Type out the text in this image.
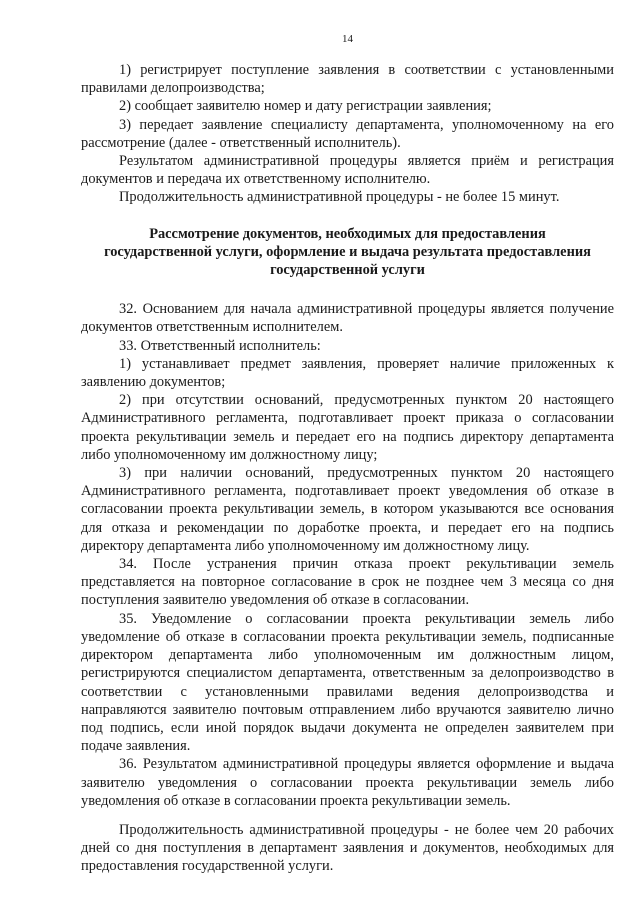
14

1) регистрирует поступление заявления в соответствии с установленными правилами делопроизводства;

2) сообщает заявителю номер и дату регистрации заявления;

3) передает заявление специалисту департамента, уполномоченному на его рассмотрение (далее - ответственный исполнитель).

Результатом административной процедуры является приём и регистрация документов и передача их ответственному исполнителю.

Продолжительность административной процедуры - не более 15 минут.

Рассмотрение документов, необходимых для предоставления
государственной услуги, оформление и выдача результата предоставления
государственной услуги

32. Основанием для начала административной процедуры является получение документов ответственным исполнителем.

33. Ответственный исполнитель:

1) устанавливает предмет заявления, проверяет наличие приложенных к заявлению документов;

2) при отсутствии оснований, предусмотренных пунктом 20 настоящего Административного регламента, подготавливает проект приказа о согласовании проекта рекультивации земель и передает его на подпись директору департамента либо уполномоченному им должностному лицу;

3) при наличии оснований, предусмотренных пунктом 20 настоящего Административного регламента, подготавливает проект уведомления об отказе в согласовании проекта рекультивации земель, в котором указываются все основания для отказа и рекомендации по доработке проекта, и передает его на подпись директору департамента либо уполномоченному им должностному лицу.

34. После устранения причин отказа проект рекультивации земель представляется на повторное согласование в срок не позднее чем 3 месяца со дня поступления заявителю уведомления об отказе в согласовании.

35. Уведомление о согласовании проекта рекультивации земель либо уведомление об отказе в согласовании проекта рекультивации земель, подписанные директором департамента либо уполномоченным им должностным лицом, регистрируются специалистом департамента, ответственным за делопроизводство в соответствии с установленными правилами ведения делопроизводства и направляются заявителю почтовым отправлением либо вручаются заявителю лично под подпись, если иной порядок выдачи документа не определен заявителем при подаче заявления.

36. Результатом административной процедуры является оформление и выдача заявителю уведомления о согласовании проекта рекультивации земель либо уведомления об отказе в согласовании проекта рекультивации земель.

Продолжительность административной процедуры - не более чем 20 рабочих дней со дня поступления в департамент заявления и документов, необходимых для предоставления государственной услуги.
